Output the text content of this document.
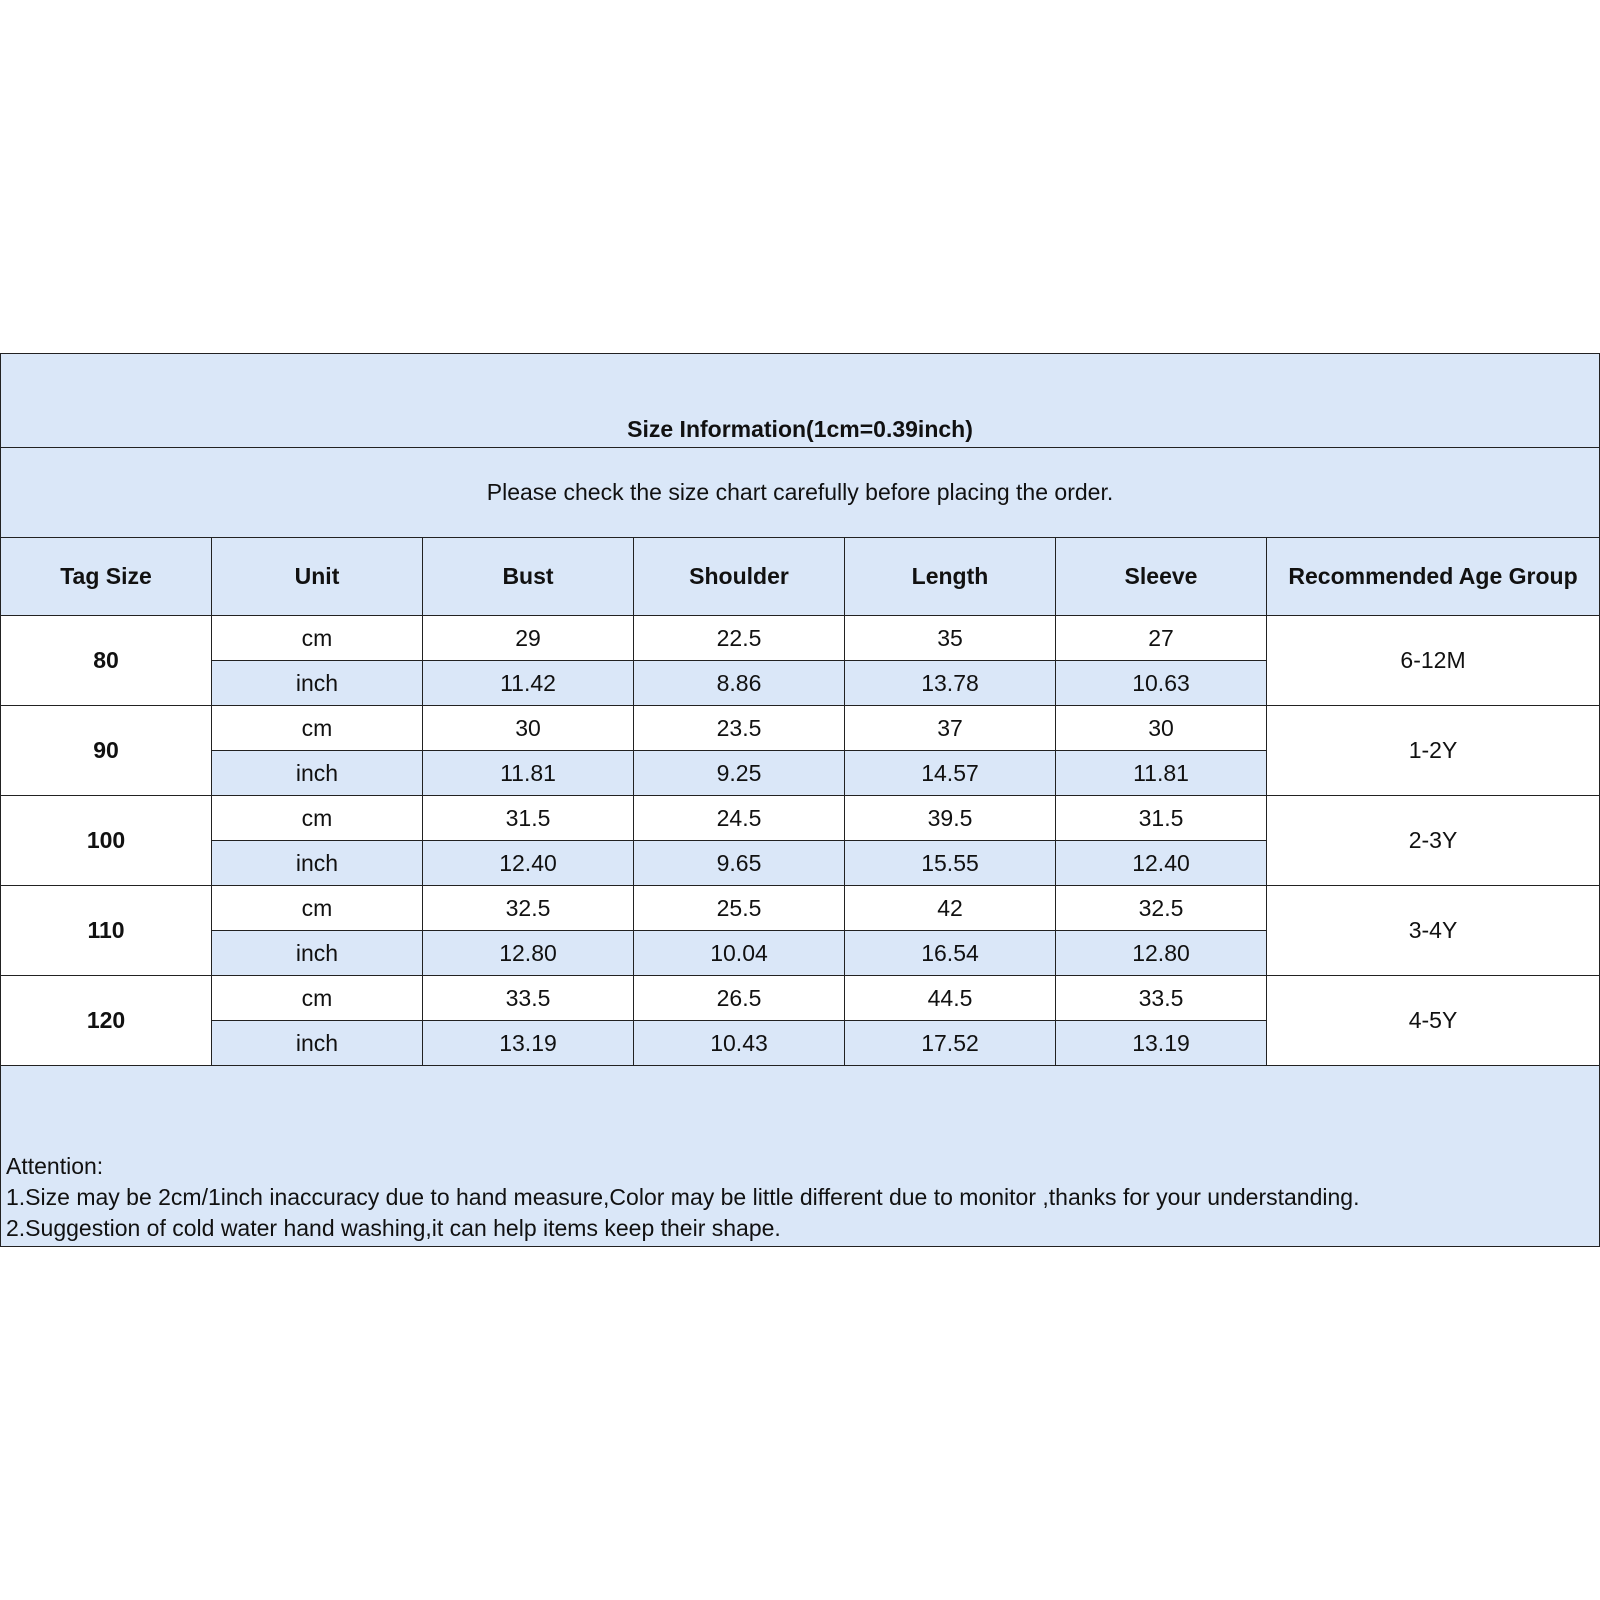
Size Information(1cm=0.39inch)						
Please check the size chart carefully before placing the order.						
Tag Size	Unit	Bust	Shoulder	Length	Sleeve	Recommended Age Group
80	cm	29	22.5	35	27	6-12M
	inch	11.42	8.86	13.78	10.63	
90	cm	30	23.5	37	30	1-2Y
	inch	11.81	9.25	14.57	11.81	
100	cm	31.5	24.5	39.5	31.5	2-3Y
	inch	12.40	9.65	15.55	12.40	
110	cm	32.5	25.5	42	32.5	3-4Y
	inch	12.80	10.04	16.54	12.80	
120	cm	33.5	26.5	44.5	33.5	4-5Y
	inch	13.19	10.43	17.52	13.19	

Attention:
1.Size may be 2cm/1inch inaccuracy due to hand measure,Color may be little different due to monitor ,thanks for your understanding.
2.Suggestion of cold water hand washing,it can help items keep their shape.						
